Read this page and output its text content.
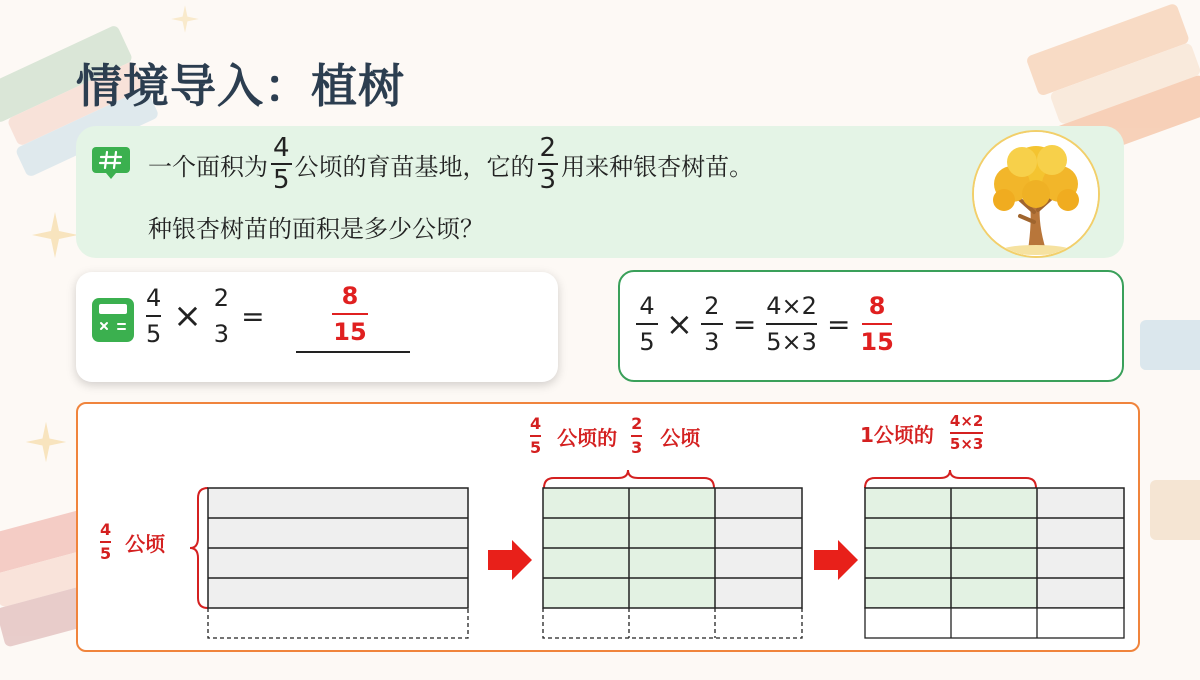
情境导入：植树
一个面积为 $\frac{4}{5}$ 公顷的育苗基地，它的 $\frac{2}{3}$ 用来种银杏树苗。
种银杏树苗的面积是多少公顷？
4
5 × 2
3
=
8
15
4
5 × 2
3
=
4×2
5×3
=
8
15
4
5 公顷
4
5 公顷的
2
3 公顷	1公顷的
4×2
5×3
